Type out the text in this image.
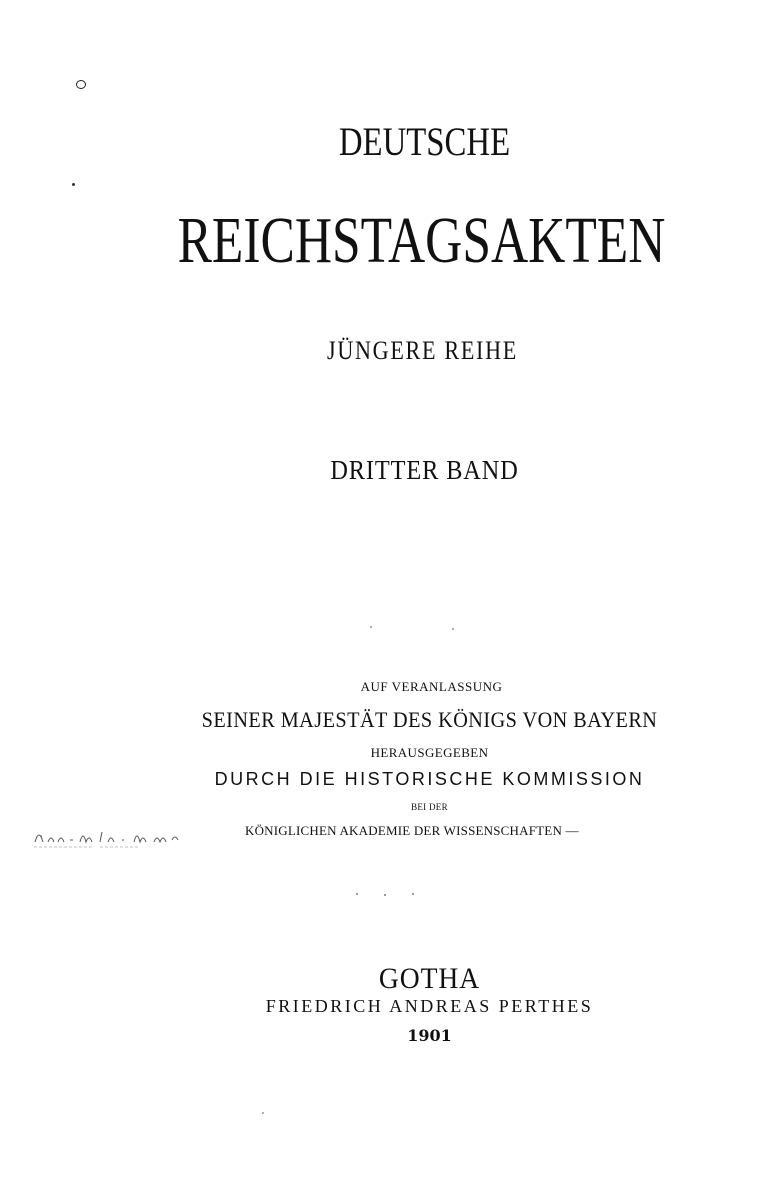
DEUTSCHE
REICHSTAGSAKTEN
JÜNGERE REIHE
DRITTER BAND
AUF VERANLASSUNG
SEINER MAJESTÄT DES KÖNIGS VON BAYERN
HERAUSGEGEBEN
DURCH DIE HISTORISCHE KOMMISSION
BEI DER
KÖNIGLICHEN AKADEMIE DER WISSENSCHAFTEN —
GOTHA
FRIEDRICH ANDREAS PERTHES
1901
